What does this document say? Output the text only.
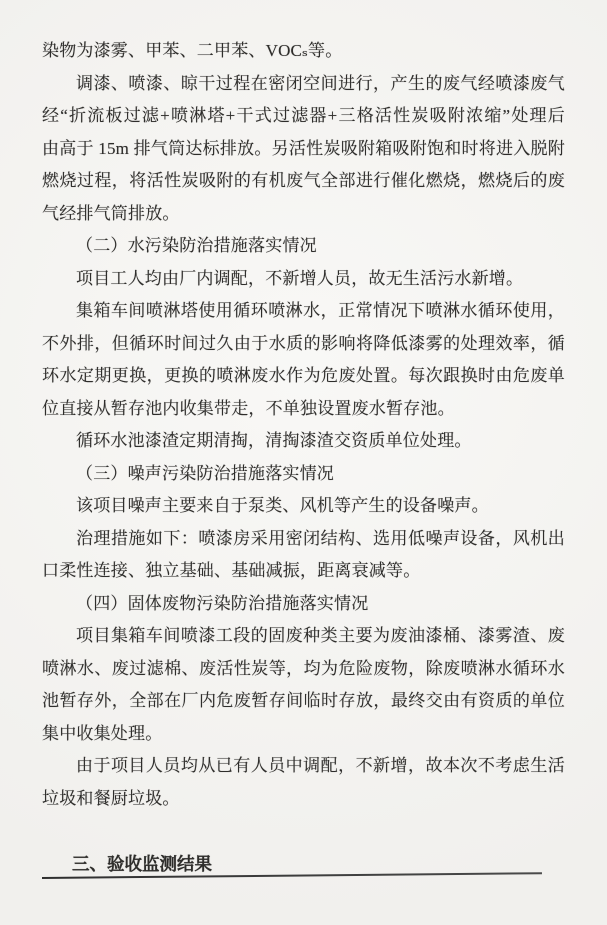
染物为漆雾、甲苯、二甲苯、VOCₛ等。
调漆、喷漆、晾干过程在密闭空间进行，产生的废气经喷漆废气
经“折流板过滤+喷淋塔+干式过滤器+三格活性炭吸附浓缩”处理后
由高于 15m 排气筒达标排放。另活性炭吸附箱吸附饱和时将进入脱附
燃烧过程，将活性炭吸附的有机废气全部进行催化燃烧，燃烧后的废
气经排气筒排放。
（二）水污染防治措施落实情况
项目工人均由厂内调配，不新增人员，故无生活污水新增。
集箱车间喷淋塔使用循环喷淋水，正常情况下喷淋水循环使用，
不外排，但循环时间过久由于水质的影响将降低漆雾的处理效率，循
环水定期更换，更换的喷淋废水作为危废处置。每次跟换时由危废单
位直接从暂存池内收集带走，不单独设置废水暂存池。
循环水池漆渣定期清掏，清掏漆渣交资质单位处理。
（三）噪声污染防治措施落实情况
该项目噪声主要来自于泵类、风机等产生的设备噪声。
治理措施如下：喷漆房采用密闭结构、选用低噪声设备，风机出
口柔性连接、独立基础、基础减振，距离衰减等。
（四）固体废物污染防治措施落实情况
项目集箱车间喷漆工段的固废种类主要为废油漆桶、漆雾渣、废
喷淋水、废过滤棉、废活性炭等，均为危险废物，除废喷淋水循环水
池暂存外，全部在厂内危废暂存间临时存放，最终交由有资质的单位
集中收集处理。
由于项目人员均从已有人员中调配，不新增，故本次不考虑生活
垃圾和餐厨垃圾。
三、验收监测结果
